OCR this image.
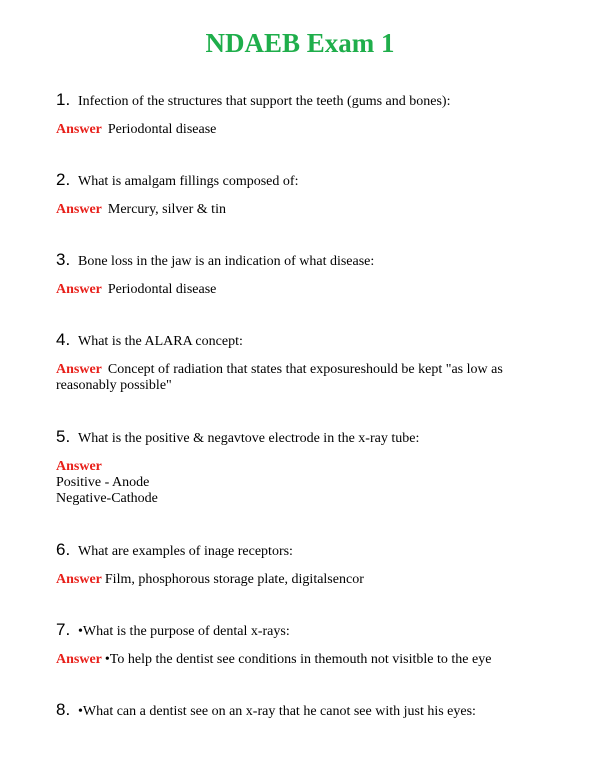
NDAEB Exam 1
1. Infection of the structures that support the teeth (gums and bones):
Answer Periodontal disease
2. What is amalgam fillings composed of:
Answer Mercury, silver & tin
3. Bone loss in the jaw is an indication of what disease:
Answer Periodontal disease
4. What is the ALARA concept:
Answer Concept of radiation that states that exposureshould be kept "as low as reasonably possible"
5. What is the positive & negavtove electrode in the x-ray tube:
Answer
Positive - Anode
Negative-Cathode
6. What are examples of inage receptors:
Answer Film, phosphorous storage plate, digitalsencor
7. •What is the purpose of dental x-rays:
Answer •To help the dentist see conditions in themouth not visitble to the eye
8. •What can a dentist see on an x-ray that he canot see with just his eyes:
